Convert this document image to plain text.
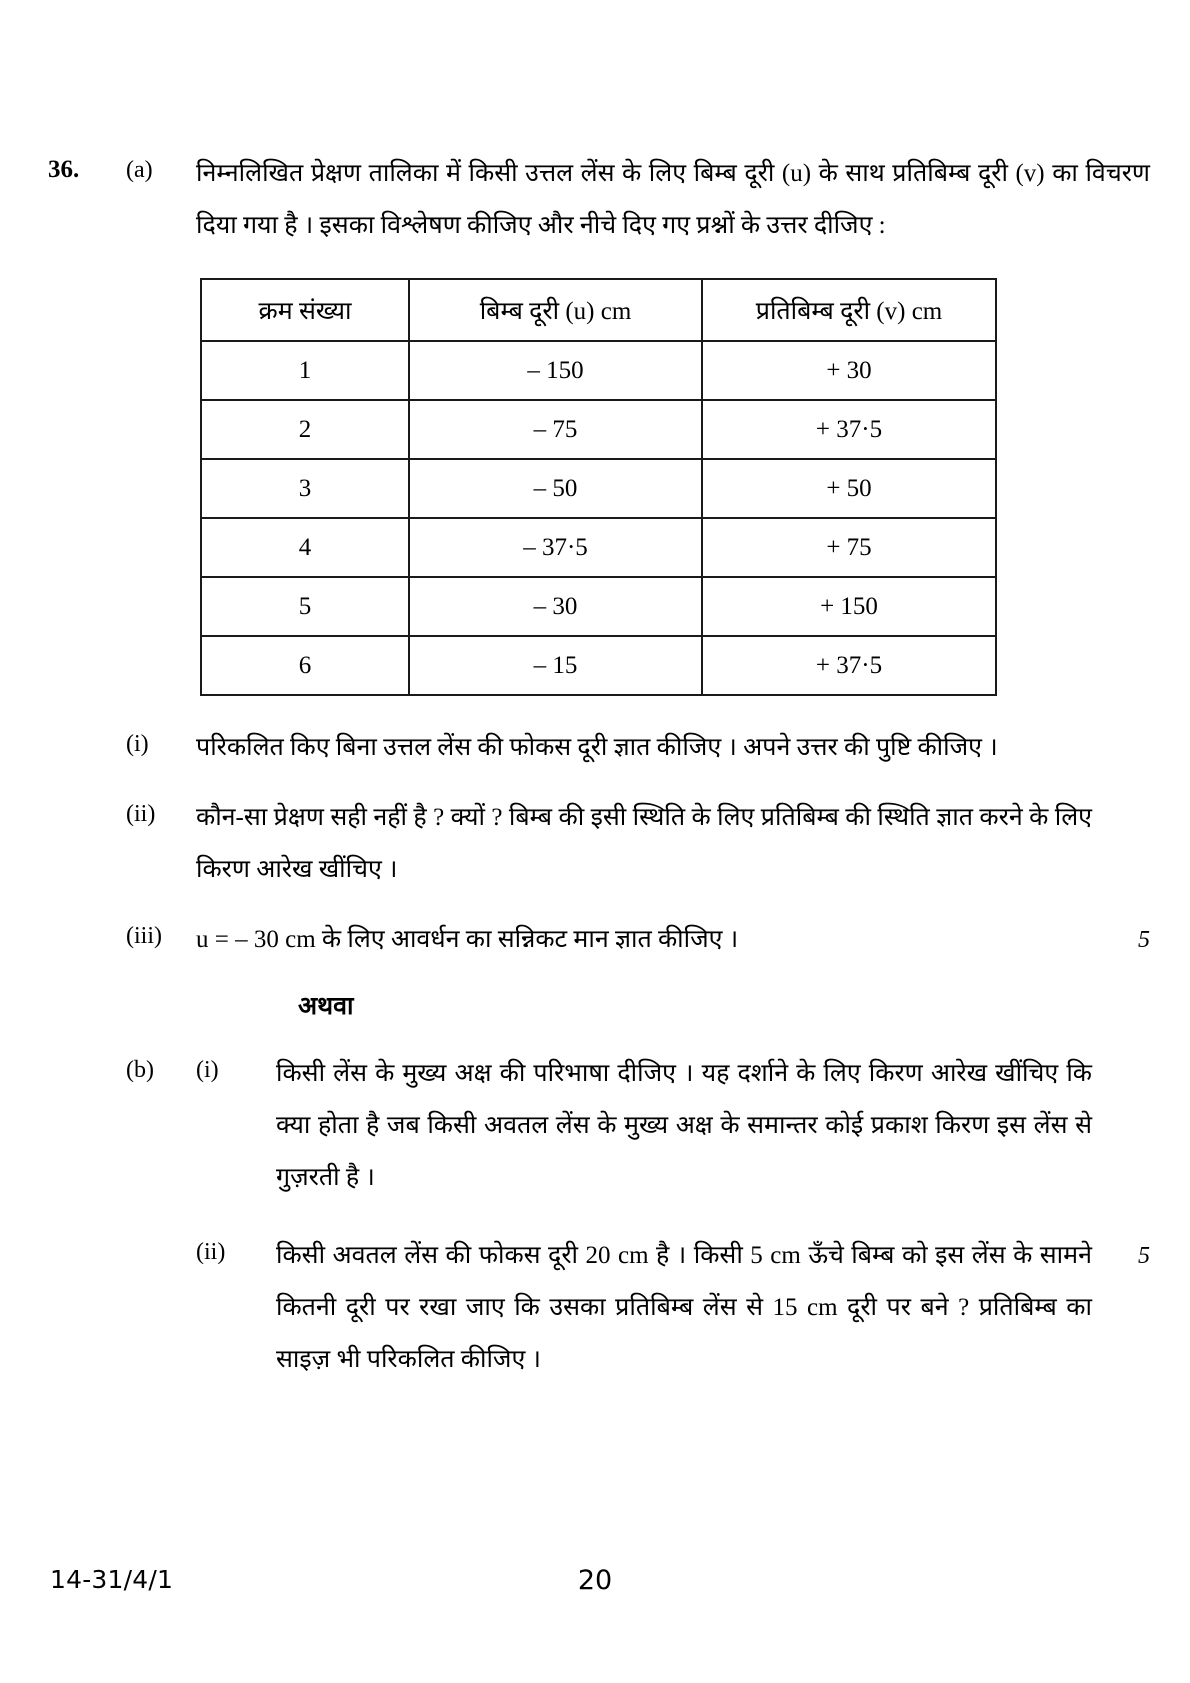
36.	(a)	निम्नलिखित प्रेक्षण तालिका में किसी उत्तल लेंस के लिए बिम्ब दूरी (u) के साथ प्रतिबिम्ब दूरी (v) का विचरण दिया गया है । इसका विश्लेषण कीजिए और नीचे दिए गए प्रश्नों के उत्तर दीजिए :
क्रम संख्या	बिम्ब दूरी (u) cm	प्रतिबिम्ब दूरी (v) cm
1	– 150	+ 30
2	– 75	+ 37·5
3	– 50	+ 50
4	– 37·5	+ 75
5	– 30	+ 150
6	– 15	+ 37·5
(i)	परिकलित किए बिना उत्तल लेंस की फोकस दूरी ज्ञात कीजिए । अपने उत्तर की पुष्टि कीजिए ।
(ii)	कौन-सा प्रेक्षण सही नहीं है ? क्यों ? बिम्ब की इसी स्थिति के लिए प्रतिबिम्ब की स्थिति ज्ञात करने के लिए किरण आरेख खींचिए ।
(iii)	u = – 30 cm के लिए आवर्धन का सन्निकट मान ज्ञात कीजिए ।	5
अथवा
(b)	(i)	किसी लेंस के मुख्य अक्ष की परिभाषा दीजिए । यह दर्शाने के लिए किरण आरेख खींचिए कि क्या होता है जब किसी अवतल लेंस के मुख्य अक्ष के समान्तर कोई प्रकाश किरण इस लेंस से गुज़रती है ।
(ii)	किसी अवतल लेंस की फोकस दूरी 20 cm है । किसी 5 cm ऊँचे बिम्ब को इस लेंस के सामने कितनी दूरी पर रखा जाए कि उसका प्रतिबिम्ब लेंस से 15 cm दूरी पर बने ? प्रतिबिम्ब का साइज़ भी परिकलित कीजिए ।
5
14-31/4/1	20
